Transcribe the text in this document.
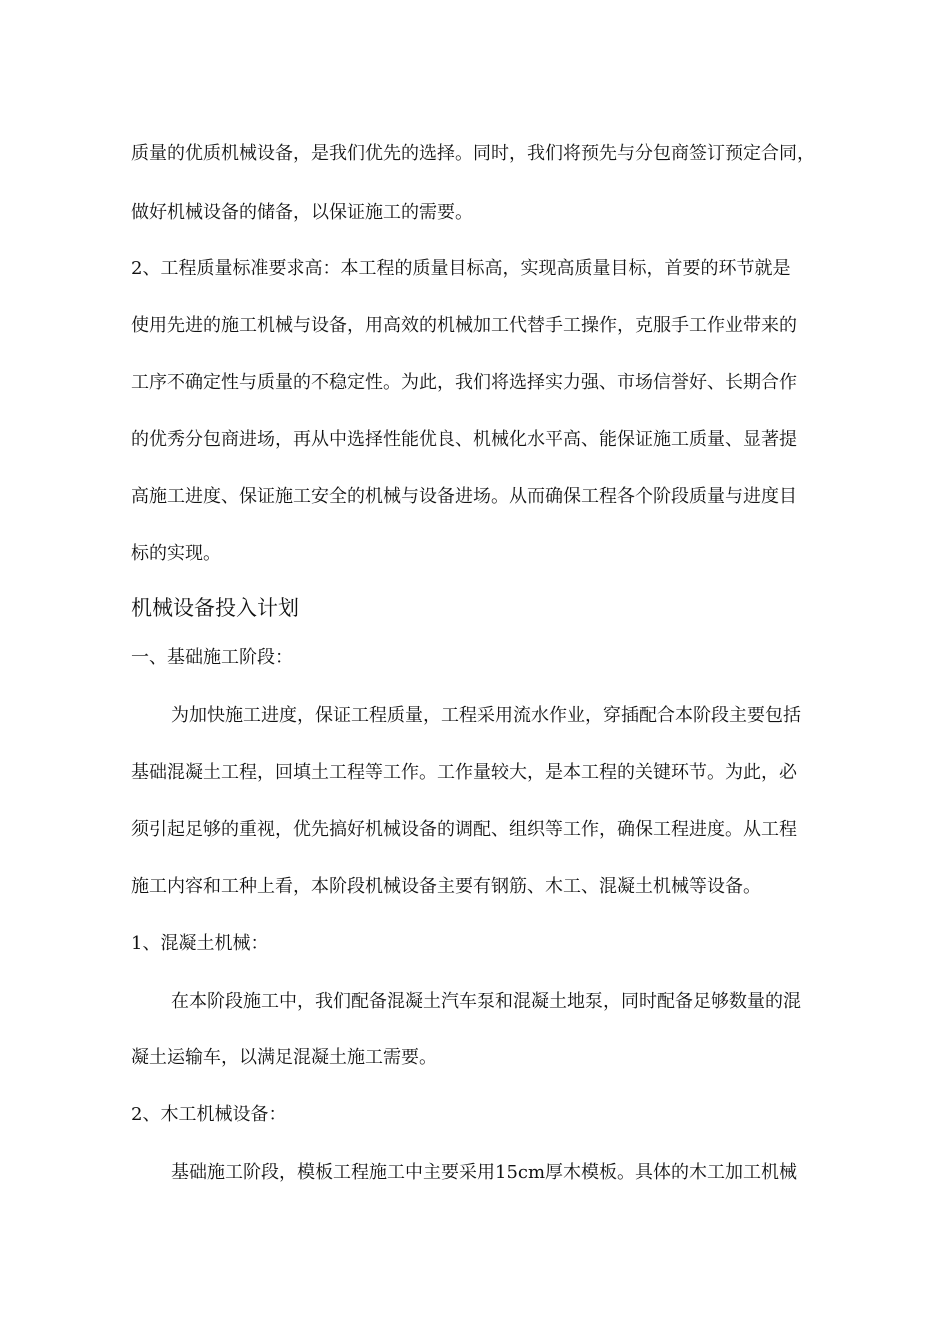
质量的优质机械设备，是我们优先的选择。同时，我们将预先与分包商签订预定合同，
做好机械设备的储备，以保证施工的需要。
2、工程质量标准要求高：本工程的质量目标高，实现高质量目标，首要的环节就是
使用先进的施工机械与设备，用高效的机械加工代替手工操作，克服手工作业带来的
工序不确定性与质量的不稳定性。为此，我们将选择实力强、市场信誉好、长期合作
的优秀分包商进场，再从中选择性能优良、机械化水平高、能保证施工质量、显著提
高施工进度、保证施工安全的机械与设备进场。从而确保工程各个阶段质量与进度目
标的实现。
机械设备投入计划
一、基础施工阶段：
为加快施工进度，保证工程质量，工程采用流水作业，穿插配合本阶段主要包括
基础混凝土工程，回填土工程等工作。工作量较大，是本工程的关键环节。为此，必
须引起足够的重视，优先搞好机械设备的调配、组织等工作，确保工程进度。从工程
施工内容和工种上看，本阶段机械设备主要有钢筋、木工、混凝土机械等设备。
1、混凝土机械：
在本阶段施工中，我们配备混凝土汽车泵和混凝土地泵，同时配备足够数量的混
凝土运输车，以满足混凝土施工需要。
2、木工机械设备：
基础施工阶段，模板工程施工中主要采用15cm厚木模板。具体的木工加工机械
